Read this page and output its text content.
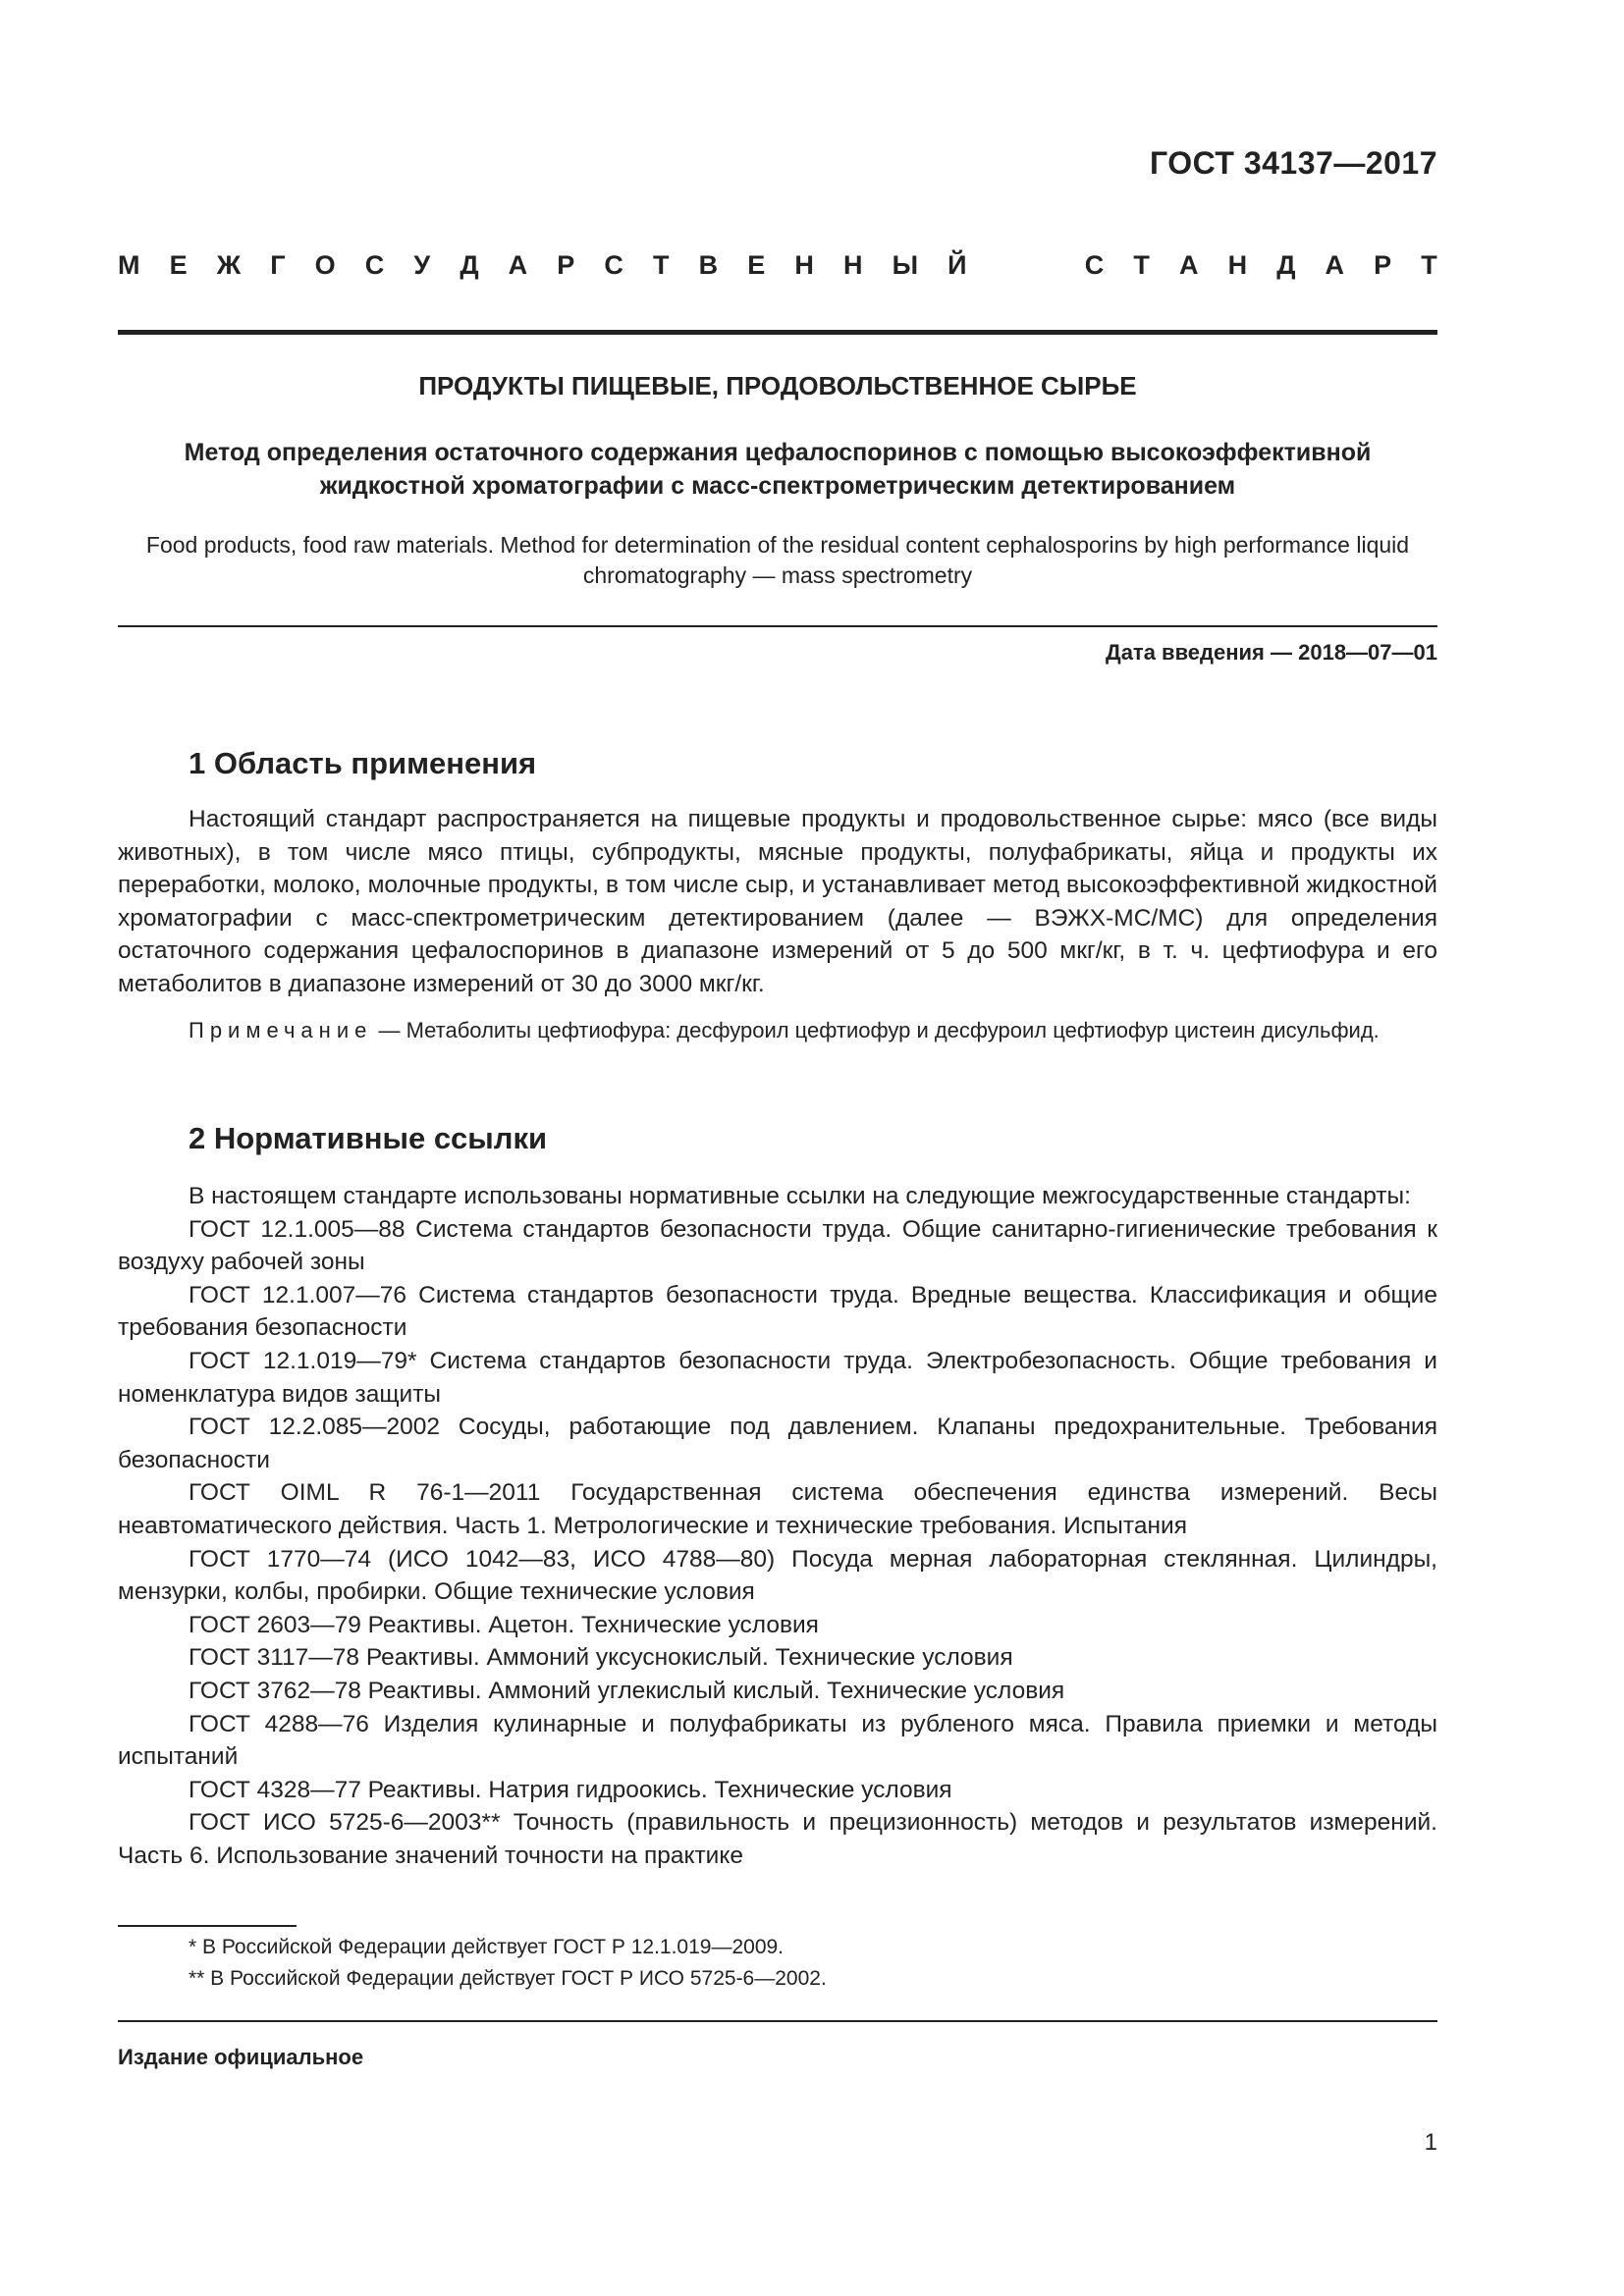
ГОСТ 34137—2017
М Е Ж Г О С У Д А Р С Т В Е Н Н Ы Й	С Т А Н Д А Р Т
ПРОДУКТЫ ПИЩЕВЫЕ, ПРОДОВОЛЬСТВЕННОЕ СЫРЬЕ
Метод определения остаточного содержания цефалоспоринов с помощью высокоэффективной жидкостной хроматографии с масс-спектрометрическим детектированием
Food products, food raw materials. Method for determination of the residual content cephalosporins by high performance liquid chromatography — mass spectrometry
Дата введения — 2018—07—01
1 Область применения
Настоящий стандарт распространяется на пищевые продукты и продовольственное сырье: мясо (все виды животных), в том числе мясо птицы, субпродукты, мясные продукты, полуфабрикаты, яйца и продукты их переработки, молоко, молочные продукты, в том числе сыр, и устанавливает метод высокоэффективной жидкостной хроматографии с масс-спектрометрическим детектированием (далее — ВЭЖХ-МС/МС) для определения остаточного содержания цефалоспоринов в диапазоне измерений от 5 до 500 мкг/кг, в т. ч. цефтиофура и его метаболитов в диапазоне измерений от 30 до 3000 мкг/кг.
Примечание — Метаболиты цефтиофура: десфуроил цефтиофур и десфуроил цефтиофур цистеин дисульфид.
2 Нормативные ссылки
В настоящем стандарте использованы нормативные ссылки на следующие межгосударственные стандарты:
ГОСТ 12.1.005—88 Система стандартов безопасности труда. Общие санитарно-гигиенические требования к воздуху рабочей зоны
ГОСТ 12.1.007—76 Система стандартов безопасности труда. Вредные вещества. Классификация и общие требования безопасности
ГОСТ 12.1.019—79* Система стандартов безопасности труда. Электробезопасность. Общие требования и номенклатура видов защиты
ГОСТ 12.2.085—2002 Сосуды, работающие под давлением. Клапаны предохранительные. Требования безопасности
ГОСТ OIML R 76-1—2011 Государственная система обеспечения единства измерений. Весы неавтоматического действия. Часть 1. Метрологические и технические требования. Испытания
ГОСТ 1770—74 (ИСО 1042—83, ИСО 4788—80) Посуда мерная лабораторная стеклянная. Цилиндры, мензурки, колбы, пробирки. Общие технические условия
ГОСТ 2603—79 Реактивы. Ацетон. Технические условия
ГОСТ 3117—78 Реактивы. Аммоний уксуснокислый. Технические условия
ГОСТ 3762—78 Реактивы. Аммоний углекислый кислый. Технические условия
ГОСТ 4288—76 Изделия кулинарные и полуфабрикаты из рубленого мяса. Правила приемки и методы испытаний
ГОСТ 4328—77 Реактивы. Натрия гидроокись. Технические условия
ГОСТ ИСО 5725-6—2003** Точность (правильность и прецизионность) методов и результатов измерений. Часть 6. Использование значений точности на практике
* В Российской Федерации действует ГОСТ Р 12.1.019—2009.
** В Российской Федерации действует ГОСТ Р ИСО 5725-6—2002.
Издание официальное
1
